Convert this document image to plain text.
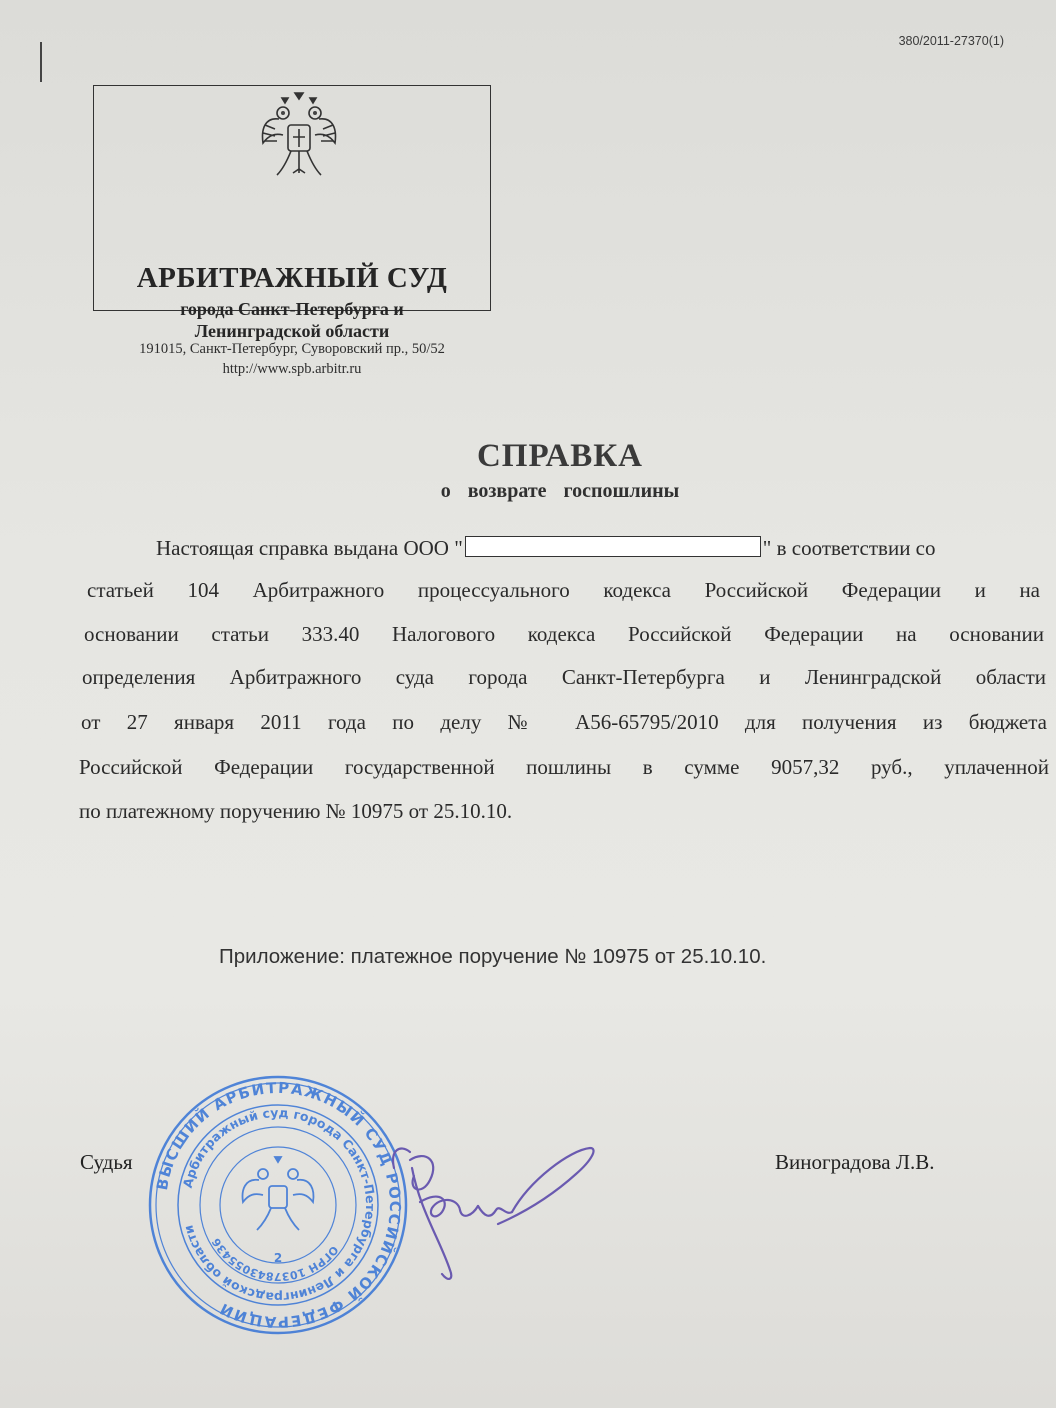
380/2011-27370(1)
АРБИТРАЖНЫЙ СУД
города Санкт-Петербурга и
Ленинградской области
191015, Санкт-Петербург, Суворовский пр., 50/52
http://www.spb.arbitr.ru
СПРАВКА
о возврате госпошлины
Настоящая справка выдана ООО "	" в соответствии со
статьей 104 Арбитражного процессуального кодекса Российской Федерации и на
основании статьи 333.40 Налогового кодекса Российской Федерации на основании
определения Арбитражного суда города Санкт-Петербурга и Ленинградской области
от 27 января 2011 года по делу № А56-65795/2010 для получения из бюджета
Российской Федерации государственной пошлины в сумме 9057,32 руб., уплаченной
по платежному поручению № 10975 от 25.10.10.
Приложение: платежное поручение № 10975 от 25.10.10.
ВЫСШИЙ АРБИТРАЖНЫЙ СУД РОССИЙСКОЙ ФЕДЕРАЦИИ
Арбитражный суд города Санкт-Петербурга и Ленинградской области
ОГРН 1037843055436
2
Судья	Виноградова Л.В.
